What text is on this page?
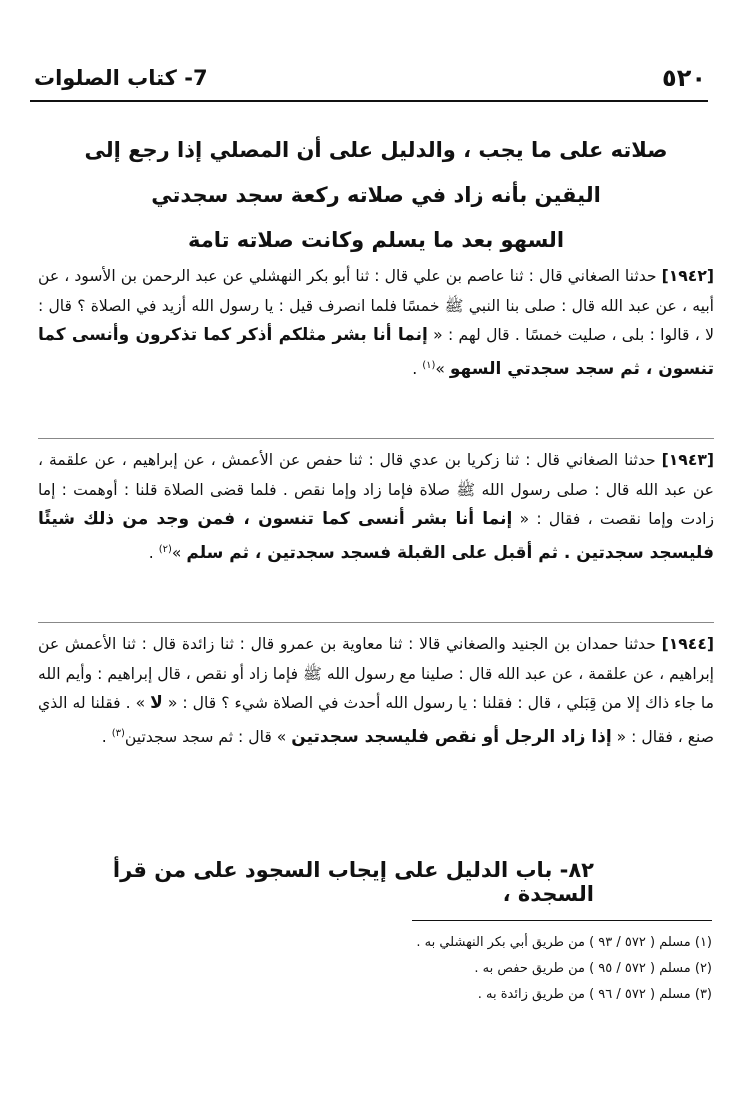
٥٢٠
7- كتاب الصلوات
صلاته على ما يجب ، والدليل على أن المصلي إذا رجع إلى
اليقين بأنه زاد في صلاته ركعة سجد سجدتي
السهو بعد ما يسلم وكانت صلاته تامة

[١٩٤٢] حدثنا الصغاني قال : ثنا عاصم بن علي قال : ثنا أبو بكر النهشلي عن عبد الرحمن بن الأسود ، عن أبيه ، عن عبد الله قال : صلى بنا النبي ﷺ خمسًا فلما انصرف قيل : يا رسول الله أزيد في الصلاة ؟ قال : لا ، قالوا : بلى ، صليت خمسًا . قال لهم : « إنما أنا بشر مثلكم أذكر كما تذكرون وأنسى كما تنسون ، ثم سجد سجدتي السهو »$^{(١)}$ .

[١٩٤٣] حدثنا الصغاني قال : ثنا زكريا بن عدي قال : ثنا حفص عن الأعمش ، عن إبراهيم ، عن علقمة ، عن عبد الله قال : صلى رسول الله ﷺ صلاة فإما زاد وإما نقص . فلما قضى الصلاة قلنا : أوهمت : إما زادت وإما نقصت ، فقال : « إنما أنا بشر أنسى كما تنسون ، فمن وجد من ذلك شيئًا فليسجد سجدتين . ثم أقبل على القبلة فسجد سجدتين ، ثم سلم »$^{(٢)}$ .

[١٩٤٤] حدثنا حمدان بن الجنيد والصغاني قالا : ثنا معاوية بن عمرو قال : ثنا زائدة قال : ثنا الأعمش عن إبراهيم ، عن علقمة ، عن عبد الله قال : صلينا مع رسول الله ﷺ فإما زاد أو نقص ، قال إبراهيم : وأيم الله ما جاء ذاك إلا من قِبَلي ، قال : فقلنا : يا رسول الله أحدث في الصلاة شيء ؟ قال : « لا » . فقلنا له الذي صنع ، فقال : « إذا زاد الرجل أو نقص فليسجد سجدتين » قال : ثم سجد سجدتين$^{(٣)}$ .

٨٢- باب الدليل على إيجاب السجود على من قرأ السجدة ،
(١) مسلم ( ٥٧٢ / ٩٣ ) من طريق أبي بكر النهشلي به .
(٢) مسلم ( ٥٧٢ / ٩٥ ) من طريق حفص به .
(٣) مسلم ( ٥٧٢ / ٩٦ ) من طريق زائدة به .
